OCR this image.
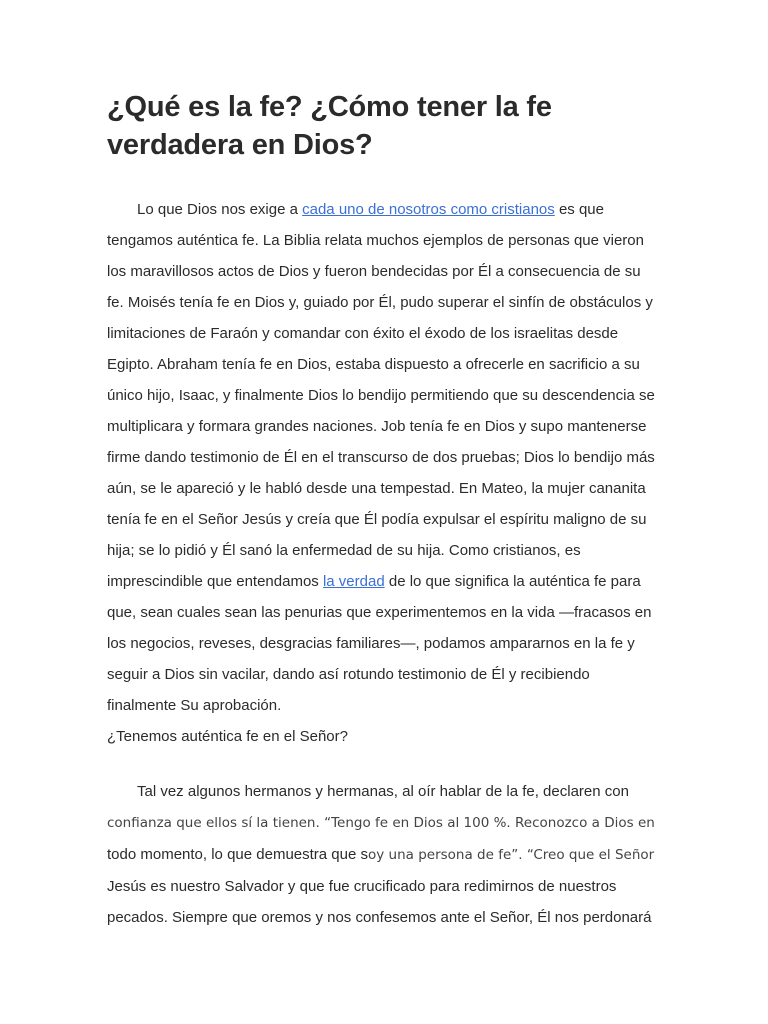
¿Qué es la fe? ¿Cómo tener la fe verdadera en Dios?

Lo que Dios nos exige a cada uno de nosotros como cristianos es que tengamos auténtica fe. La Biblia relata muchos ejemplos de personas que vieron los maravillosos actos de Dios y fueron bendecidas por Él a consecuencia de su fe. Moisés tenía fe en Dios y, guiado por Él, pudo superar el sinfín de obstáculos y limitaciones de Faraón y comandar con éxito el éxodo de los israelitas desde Egipto. Abraham tenía fe en Dios, estaba dispuesto a ofrecerle en sacrificio a su único hijo, Isaac, y finalmente Dios lo bendijo permitiendo que su descendencia se multiplicara y formara grandes naciones. Job tenía fe en Dios y supo mantenerse firme dando testimonio de Él en el transcurso de dos pruebas; Dios lo bendijo más aún, se le apareció y le habló desde una tempestad. En Mateo, la mujer cananita tenía fe en el Señor Jesús y creía que Él podía expulsar el espíritu maligno de su hija; se lo pidió y Él sanó la enfermedad de su hija. Como cristianos, es imprescindible que entendamos la verdad de lo que significa la auténtica fe para que, sean cuales sean las penurias que experimentemos en la vida —fracasos en los negocios, reveses, desgracias familiares—, podamos ampararnos en la fe y seguir a Dios sin vacilar, dando así rotundo testimonio de Él y recibiendo finalmente Su aprobación.

¿Tenemos auténtica fe en el Señor?

Tal vez algunos hermanos y hermanas, al oír hablar de la fe, declaren con confianza que ellos sí la tienen. “Tengo fe en Dios al 100 %. Reconozco a Dios en todo momento, lo que demuestra que soy una persona de fe”. “Creo que el Señor Jesús es nuestro Salvador y que fue crucificado para redimirnos de nuestros pecados. Siempre que oremos y nos confesemos ante el Señor, Él nos perdonará
